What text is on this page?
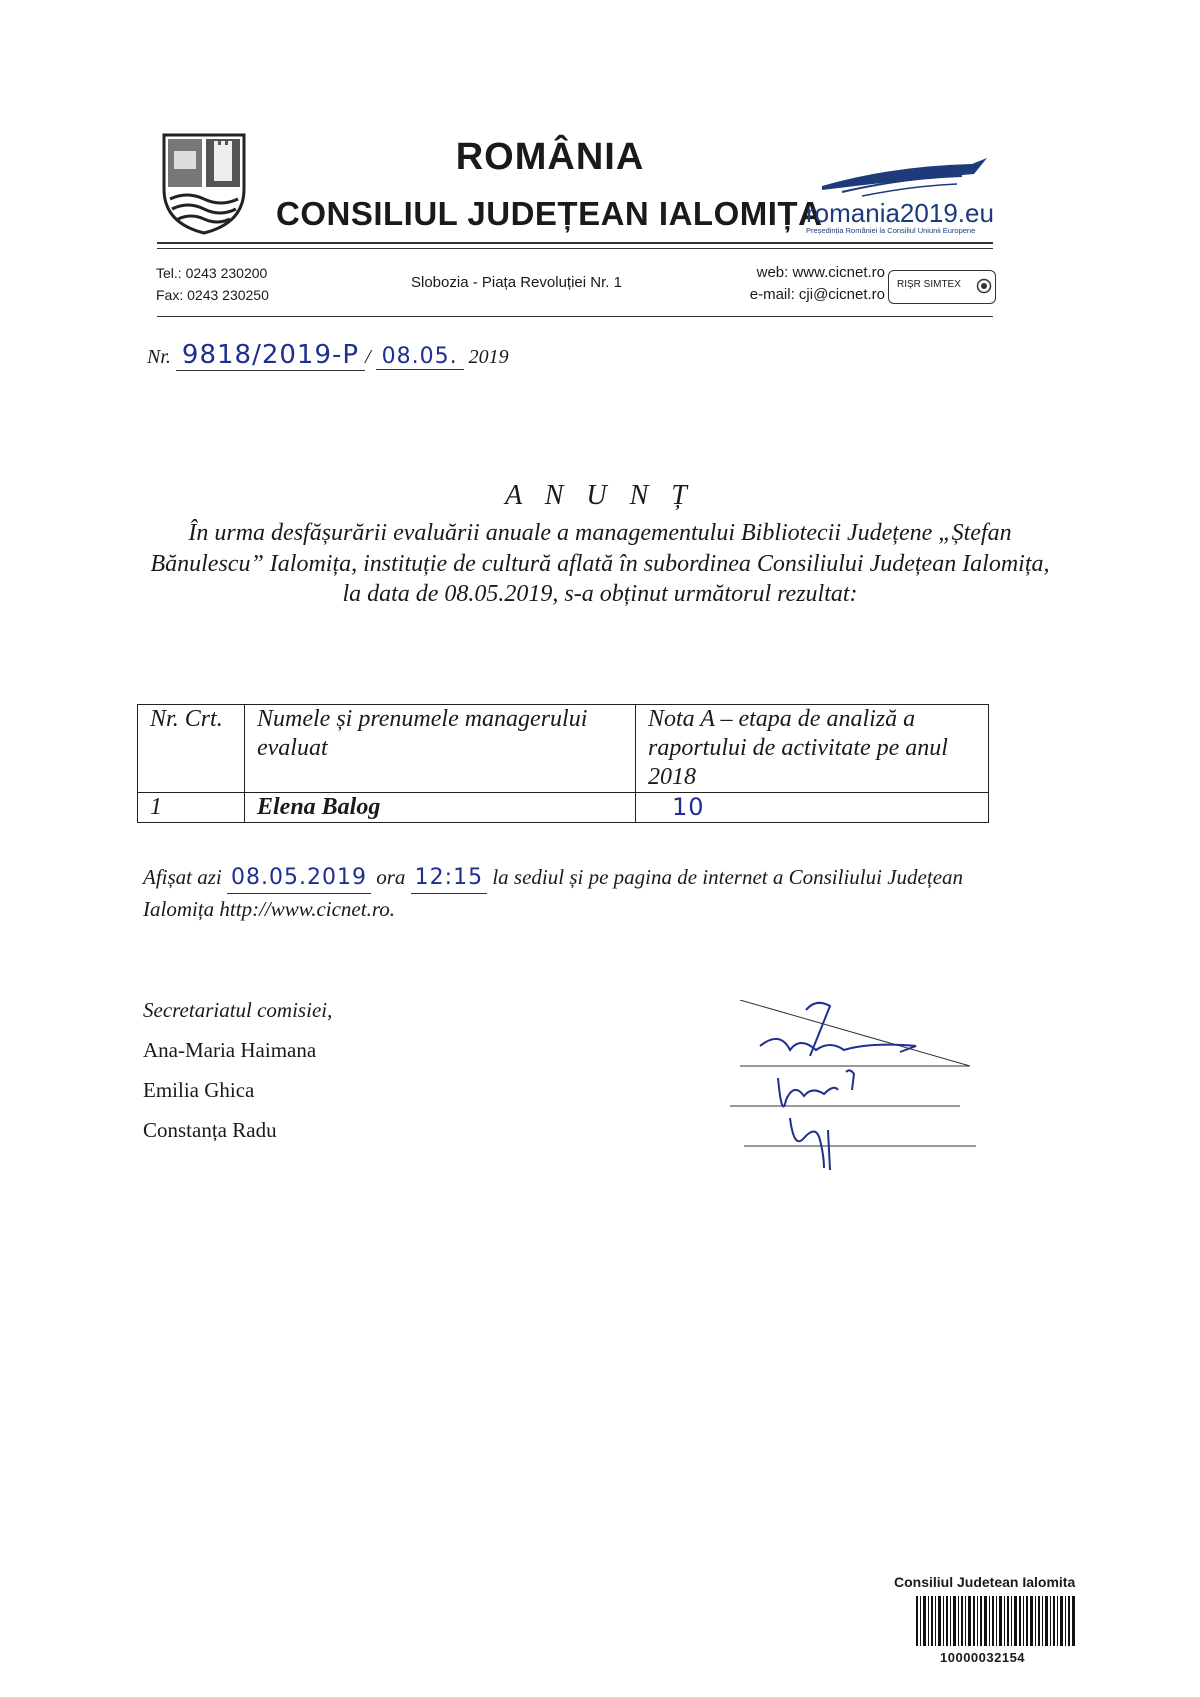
ROMÂNIA
CONSILIUL JUDEȚEAN IALOMIȚA
romania2019.eu
Președinția României la Consiliul Uniunii Europene
Tel.: 0243 230200
Fax: 0243 230250
Slobozia - Piața Revoluției Nr. 1
web: www.cicnet.ro
e-mail: cji@cicnet.ro
RIȘR SIMTEX
Nr. 9818/2019-P / 08.05. 2019
A N U N Ț
În urma desfășurării evaluării anuale a managementului Bibliotecii Județene „Ștefan Bănulescu” Ialomița, instituție de cultură aflată în subordinea Consiliului Județean Ialomița, la data de 08.05.2019, s-a obținut următorul rezultat:
Nr. Crt.	Numele și prenumele managerului evaluat	Nota A – etapa de analiză a raportului de activitate pe anul 2018
1	Elena Balog	10
Afișat azi 08.05.2019 ora 12:15 la sediul și pe pagina de internet a Consiliului Județean Ialomița http://www.cicnet.ro.
Secretariatul comisiei,
Ana-Maria Haimana
Emilia Ghica
Constanța Radu
Consiliul Judetean Ialomita
10000032154
